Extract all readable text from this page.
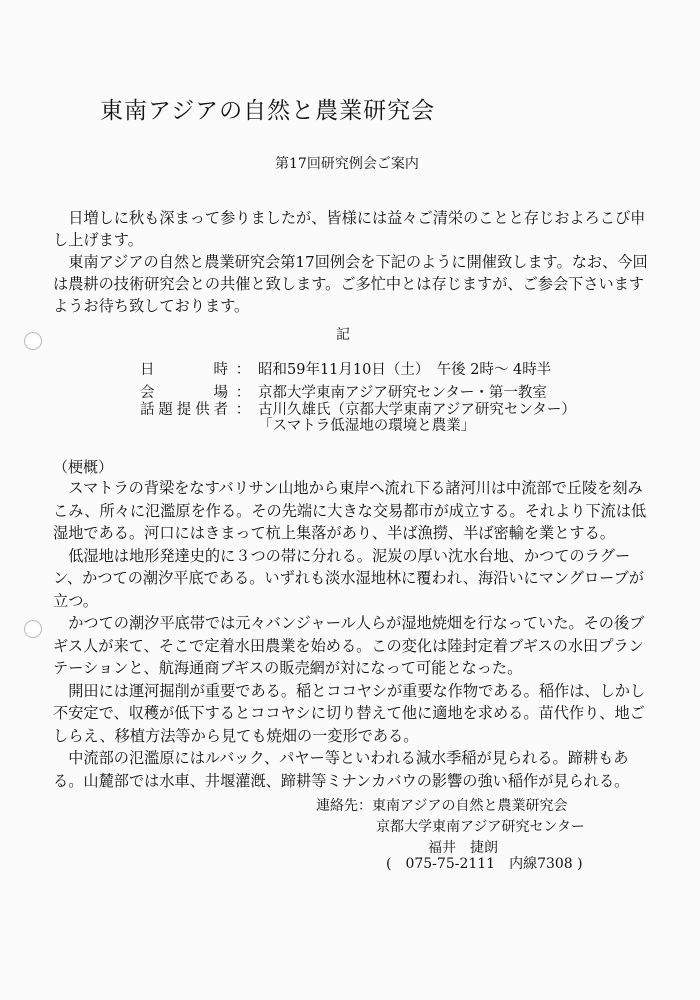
東南アジアの自然と農業研究会
第17回研究例会ご案内

日増しに秋も深まって参りましたが、皆様には益々ご清栄のことと存じおよろこび申し上げます。

東南アジアの自然と農業研究会第17回例会を下記のように開催致します。なお、今回は農耕の技術研究会との共催と致します。ご多忙中とは存じますが、ご参会下さいますようお待ち致しております。

記
日時 ： 昭和59年11月10日（土）　午後 2時～ 4時半
会場 ： 京都大学東南アジア研究センター・第一教室
話題提供者 ： 古川久雄氏（京都大学東南アジア研究センター）
「スマトラ低湿地の環境と農業」
（梗概）

スマトラの背梁をなすバリサン山地から東岸へ流れ下る諸河川は中流部で丘陵を刻みこみ、所々に氾濫原を作る。その先端に大きな交易都市が成立する。それより下流は低湿地である。河口にはきまって杭上集落があり、半ば漁撈、半ば密輸を業とする。

低湿地は地形発達史的に３つの帯に分れる。泥炭の厚い沈水台地、かつてのラグーン、かつての潮汐平底である。いずれも淡水湿地林に覆われ、海沿いにマングローブが立つ。

かつての潮汐平底帯では元々バンジャール人らが湿地焼畑を行なっていた。その後ブギス人が来て、そこで定着水田農業を始める。この変化は陸封定着ブギスの水田プランテーションと、航海通商ブギスの販売網が対になって可能となった。

開田には運河掘削が重要である。稲とココヤシが重要な作物である。稲作は、しかし不安定で、収穫が低下するとココヤシに切り替えて他に適地を求める。苗代作り、地ごしらえ、移植方法等から見ても焼畑の一変形である。

中流部の氾濫原にはルバック、パヤー等といわれる減水季稲が見られる。蹄耕もある。山麓部では水車、井堰灌漑、蹄耕等ミナンカバウの影響の強い稲作が見られる。

連絡先：東南アジアの自然と農業研究会
京都大学東南アジア研究センター
福井　捷朗
(　075-75-2111　内線7308 )
